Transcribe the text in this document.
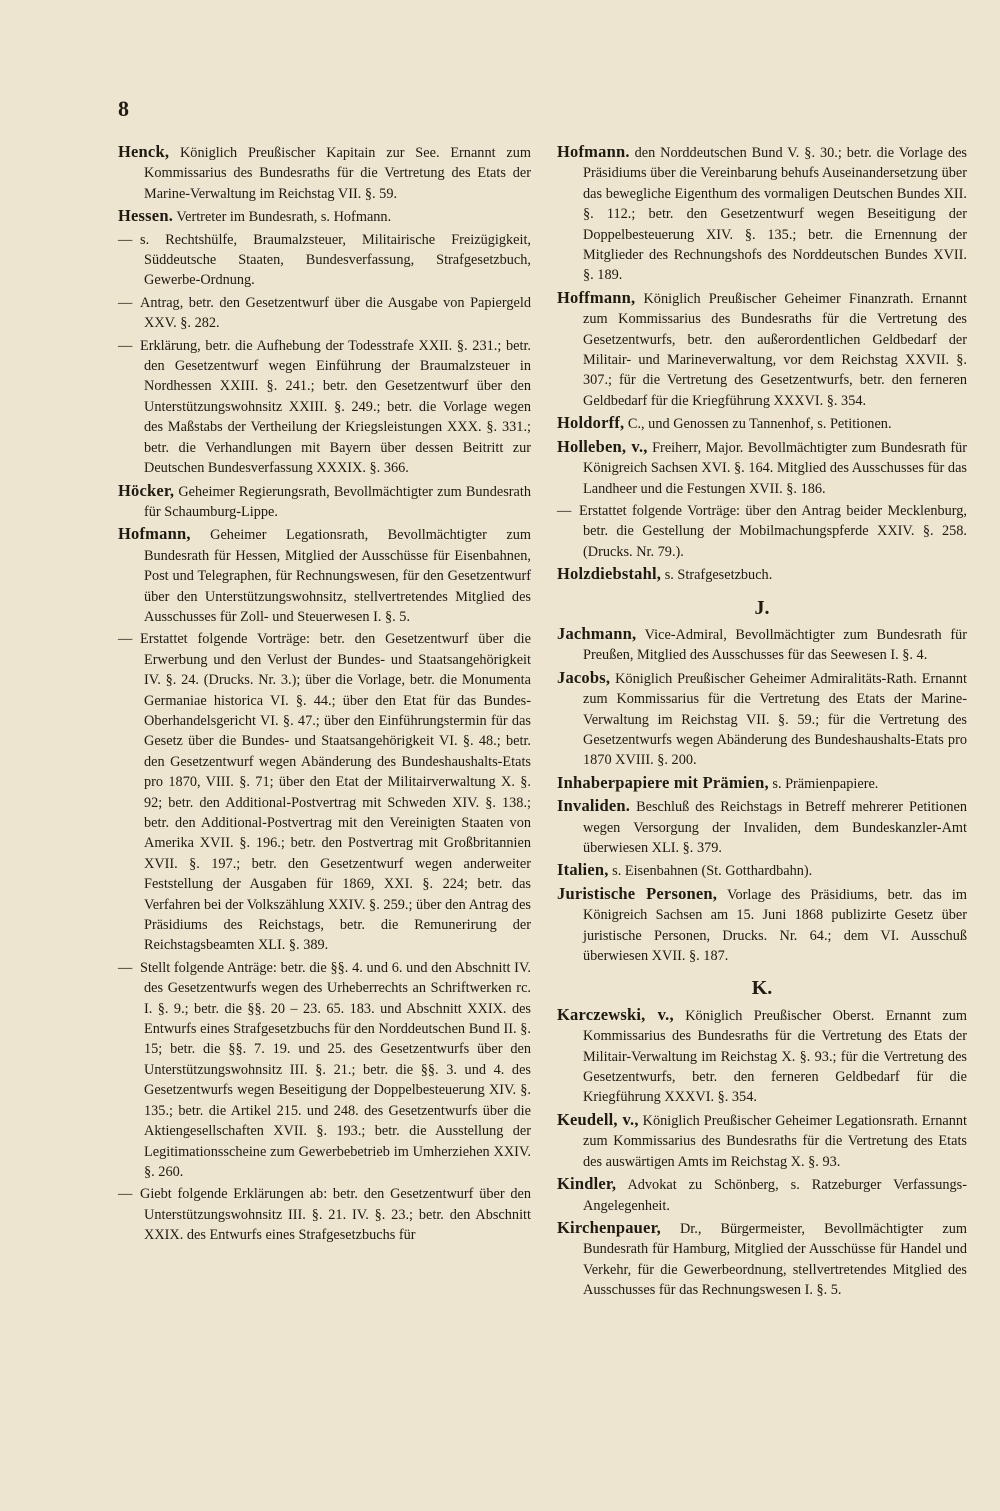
8
Henck, Königlich Preußischer Kapitain zur See. Ernannt zum Kommissarius des Bundesraths für die Vertretung des Etats der Marine-Verwaltung im Reichstag VII. §. 59.
Hessen. Vertreter im Bundesrath, s. Hofmann.
— s. Rechtshülfe, Braumalzsteuer, Militairische Freizügigkeit, Süddeutsche Staaten, Bundesverfassung, Strafgesetzbuch, Gewerbe-Ordnung.
— Antrag, betr. den Gesetzentwurf über die Ausgabe von Papiergeld XXV. §. 282.
— Erklärung, betr. die Aufhebung der Todesstrafe XXII. §. 231.; betr. den Gesetzentwurf wegen Einführung der Braumalzsteuer in Nordhessen XXIII. §. 241.; betr. den Gesetzentwurf über den Unterstützungswohnsitz XXIII. §. 249.; betr. die Vorlage wegen des Maßstabs der Vertheilung der Kriegsleistungen XXX. §. 331.; betr. die Verhandlungen mit Bayern über dessen Beitritt zur Deutschen Bundesverfassung XXXIX. §. 366.
Höcker, Geheimer Regierungsrath, Bevollmächtigter zum Bundesrath für Schaumburg-Lippe.
Hofmann, Geheimer Legationsrath, Bevollmächtigter zum Bundesrath für Hessen, Mitglied der Ausschüsse für Eisenbahnen, Post und Telegraphen, für Rechnungswesen, für den Gesetzentwurf über den Unterstützungswohnsitz, stellvertretendes Mitglied des Ausschusses für Zoll- und Steuerwesen I. §. 5.
— Erstattet folgende Vorträge: betr. den Gesetzentwurf über die Erwerbung und den Verlust der Bundes- und Staatsangehörigkeit IV. §. 24. (Drucks. Nr. 3.); über die Vorlage, betr. die Monumenta Germaniae historica VI. §. 44.; über den Etat für das Bundes-Oberhandelsgericht VI. §. 47.; über den Einführungstermin für das Gesetz über die Bundes- und Staatsangehörigkeit VI. §. 48.; betr. den Gesetzentwurf wegen Abänderung des Bundeshaushalts-Etats pro 1870, VIII. §. 71; über den Etat der Militairverwaltung X. §. 92; betr. den Additional-Postvertrag mit Schweden XIV. §. 138.; betr. den Additional-Postvertrag mit den Vereinigten Staaten von Amerika XVII. §. 196.; betr. den Postvertrag mit Großbritannien XVII. §. 197.; betr. den Gesetzentwurf wegen anderweiter Feststellung der Ausgaben für 1869, XXI. §. 224; betr. das Verfahren bei der Volkszählung XXIV. §. 259.; über den Antrag des Präsidiums des Reichstags, betr. die Remunerirung der Reichstagsbeamten XLI. §. 389.
— Stellt folgende Anträge: betr. die §§. 4. und 6. und den Abschnitt IV. des Gesetzentwurfs wegen des Urheberrechts an Schriftwerken rc. I. §. 9.; betr. die §§. 20 – 23. 65. 183. und Abschnitt XXIX. des Entwurfs eines Strafgesetzbuchs für den Norddeutschen Bund II. §. 15; betr. die §§. 7. 19. und 25. des Gesetzentwurfs über den Unterstützungswohnsitz III. §. 21.; betr. die §§. 3. und 4. des Gesetzentwurfs wegen Beseitigung der Doppelbesteuerung XIV. §. 135.; betr. die Artikel 215. und 248. des Gesetzentwurfs über die Aktiengesellschaften XVII. §. 193.; betr. die Ausstellung der Legitimationsscheine zum Gewerbebetrieb im Umherziehen XXIV. §. 260.
— Giebt folgende Erklärungen ab: betr. den Gesetzentwurf über den Unterstützungswohnsitz III. §. 21. IV. §. 23.; betr. den Abschnitt XXIX. des Entwurfs eines Strafgesetzbuchs für
Hofmann. den Norddeutschen Bund V. §. 30.; betr. die Vorlage des Präsidiums über die Vereinbarung behufs Auseinandersetzung über das bewegliche Eigenthum des vormaligen Deutschen Bundes XII. §. 112.; betr. den Gesetzentwurf wegen Beseitigung der Doppelbesteuerung XIV. §. 135.; betr. die Ernennung der Mitglieder des Rechnungshofs des Norddeutschen Bundes XVII. §. 189.
Hoffmann, Königlich Preußischer Geheimer Finanzrath. Ernannt zum Kommissarius des Bundesraths für die Vertretung des Gesetzentwurfs, betr. den außerordentlichen Geldbedarf der Militair- und Marineverwaltung, vor dem Reichstag XXVII. §. 307.; für die Vertretung des Gesetzentwurfs, betr. den ferneren Geldbedarf für die Kriegführung XXXVI. §. 354.
Holdorff, C., und Genossen zu Tannenhof, s. Petitionen.
Holleben, v., Freiherr, Major. Bevollmächtigter zum Bundesrath für Königreich Sachsen XVI. §. 164. Mitglied des Ausschusses für das Landheer und die Festungen XVII. §. 186.
— Erstattet folgende Vorträge: über den Antrag beider Mecklenburg, betr. die Gestellung der Mobilmachungspferde XXIV. §. 258. (Drucks. Nr. 79.).
Holzdiebstahl, s. Strafgesetzbuch.
J.
Jachmann, Vice-Admiral, Bevollmächtigter zum Bundesrath für Preußen, Mitglied des Ausschusses für das Seewesen I. §. 4.
Jacobs, Königlich Preußischer Geheimer Admiralitäts-Rath. Ernannt zum Kommissarius für die Vertretung des Etats der Marine-Verwaltung im Reichstag VII. §. 59.; für die Vertretung des Gesetzentwurfs wegen Abänderung des Bundeshaushalts-Etats pro 1870 XVIII. §. 200.
Inhaberpapiere mit Prämien, s. Prämienpapiere.
Invaliden. Beschluß des Reichstags in Betreff mehrerer Petitionen wegen Versorgung der Invaliden, dem Bundeskanzler-Amt überwiesen XLI. §. 379.
Italien, s. Eisenbahnen (St. Gotthardbahn).
Juristische Personen, Vorlage des Präsidiums, betr. das im Königreich Sachsen am 15. Juni 1868 publizirte Gesetz über juristische Personen, Drucks. Nr. 64.; dem VI. Ausschuß überwiesen XVII. §. 187.
K.
Karczewski, v., Königlich Preußischer Oberst. Ernannt zum Kommissarius des Bundesraths für die Vertretung des Etats der Militair-Verwaltung im Reichstag X. §. 93.; für die Vertretung des Gesetzentwurfs, betr. den ferneren Geldbedarf für die Kriegführung XXXVI. §. 354.
Keudell, v., Königlich Preußischer Geheimer Legationsrath. Ernannt zum Kommissarius des Bundesraths für die Vertretung des Etats des auswärtigen Amts im Reichstag X. §. 93.
Kindler, Advokat zu Schönberg, s. Ratzeburger Verfassungs-Angelegenheit.
Kirchenpauer, Dr., Bürgermeister, Bevollmächtigter zum Bundesrath für Hamburg, Mitglied der Ausschüsse für Handel und Verkehr, für die Gewerbeordnung, stellvertretendes Mitglied des Ausschusses für das Rechnungswesen I. §. 5.
